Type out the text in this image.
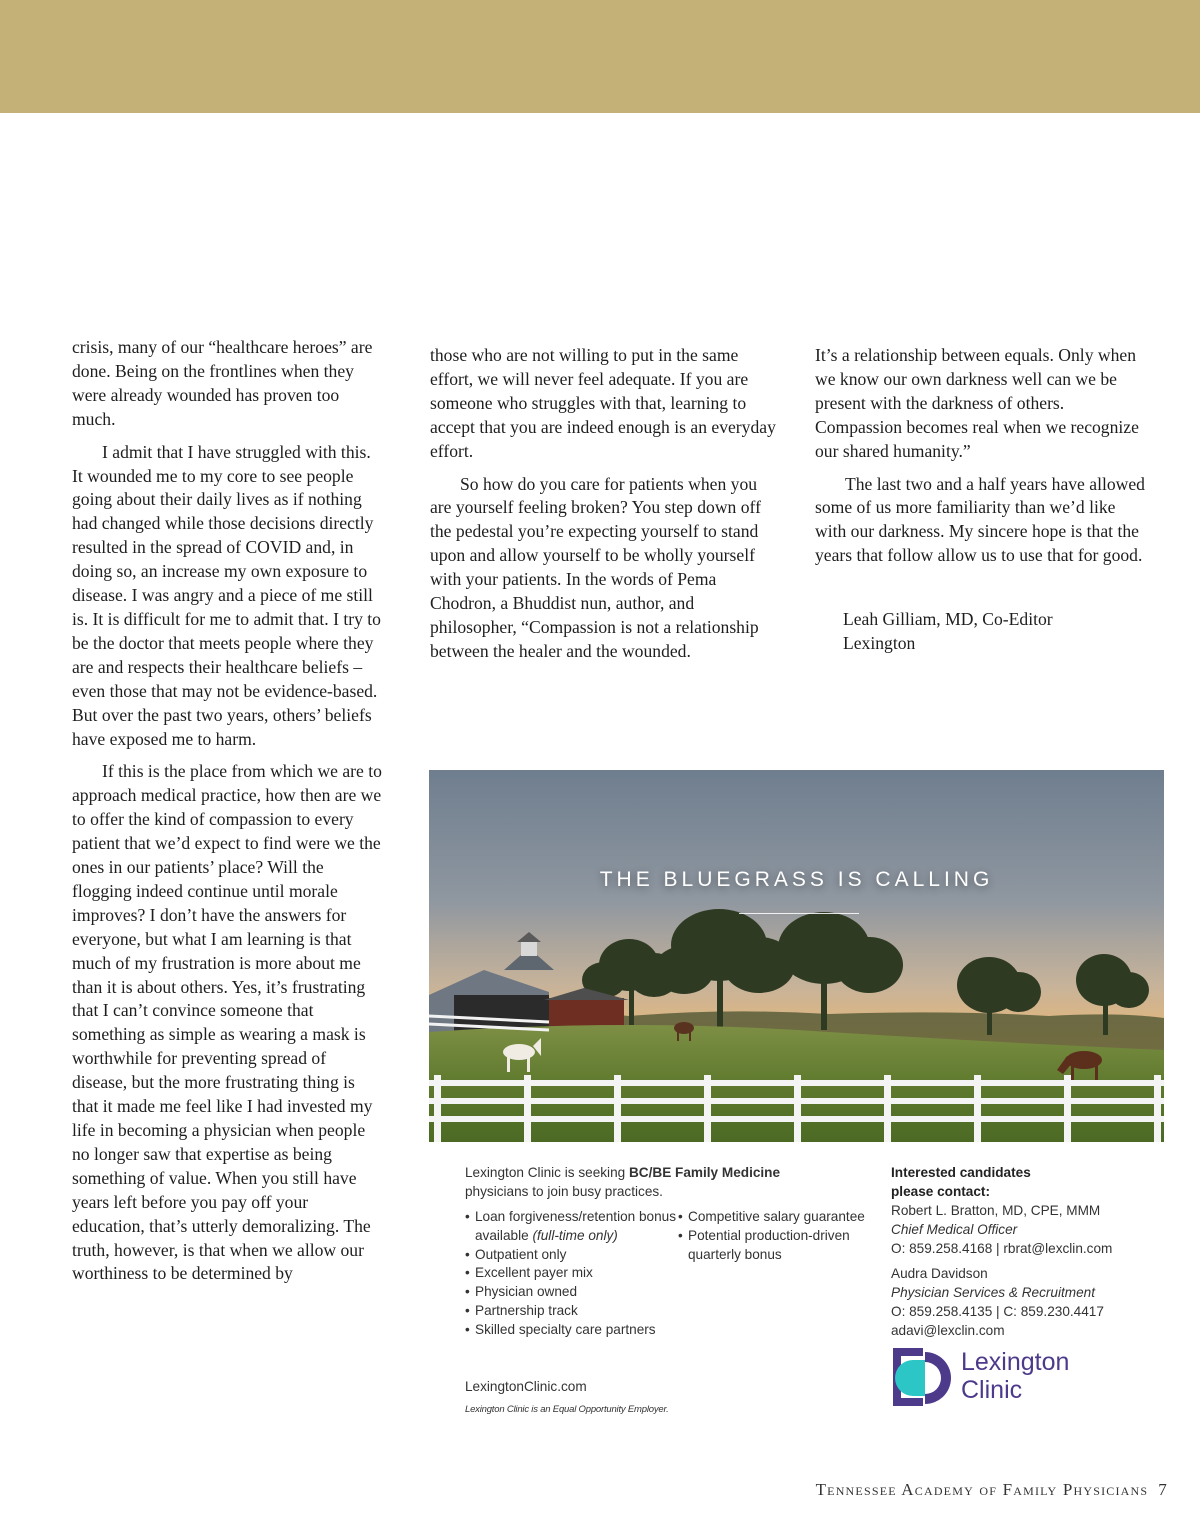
crisis, many of our “healthcare heroes” are done. Being on the frontlines when they were already wounded has proven too much.

I admit that I have struggled with this. It wounded me to my core to see people going about their daily lives as if nothing had changed while those decisions directly resulted in the spread of COVID and, in doing so, an increase my own exposure to disease. I was angry and a piece of me still is. It is difficult for me to admit that. I try to be the doctor that meets people where they are and respects their healthcare beliefs – even those that may not be evidence-based. But over the past two years, others’ beliefs have exposed me to harm.

If this is the place from which we are to approach medical practice, how then are we to offer the kind of compassion to every patient that we’d expect to find were we the ones in our patients’ place? Will the flogging indeed continue until morale improves? I don’t have the answers for everyone, but what I am learning is that much of my frustration is more about me than it is about others. Yes, it’s frustrating that I can’t convince someone that something as simple as wearing a mask is worthwhile for preventing spread of disease, but the more frustrating thing is that it made me feel like I had invested my life in becoming a physician when people no longer saw that expertise as being something of value. When you still have years left before you pay off your education, that’s utterly demoralizing. The truth, however, is that when we allow our worthiness to be determined by

those who are not willing to put in the same effort, we will never feel adequate. If you are someone who struggles with that, learning to accept that you are indeed enough is an everyday effort.

So how do you care for patients when you are yourself feeling broken? You step down off the pedestal you’re expecting yourself to stand upon and allow yourself to be wholly yourself with your patients. In the words of Pema Chodron, a Bhuddist nun, author, and philosopher, “Compassion is not a relationship between the healer and the wounded.

It’s a relationship between equals. Only when we know our own darkness well can we be present with the darkness of others. Compassion becomes real when we recognize our shared humanity.”

The last two and a half years have allowed some of us more familiarity than we’d like with our darkness. My sincere hope is that the years that follow allow us to use that for good.

Leah Gilliam, MD, Co-Editor
Lexington
THE BLUEGRASS IS CALLING
Lexington Clinic is seeking BC/BE Family Medicine
physicians to join busy practices.
• Loan forgiveness/retention bonus available (full-time only)
• Outpatient only
• Excellent payer mix
• Physician owned
• Partnership track
• Skilled specialty care partners
• Competitive salary guarantee
• Potential production-driven quarterly bonus
LexingtonClinic.com
Lexington Clinic is an Equal Opportunity Employer.
Interested candidates
please contact:
Robert L. Bratton, MD, CPE, MMM
Chief Medical Officer
O: 859.258.4168 | rbrat@lexclin.com
Audra Davidson
Physician Services & Recruitment
O: 859.258.4135 | C: 859.230.4417
adavi@lexclin.com
Lexington
Clinic
Tennessee Academy of Family Physicians 7
